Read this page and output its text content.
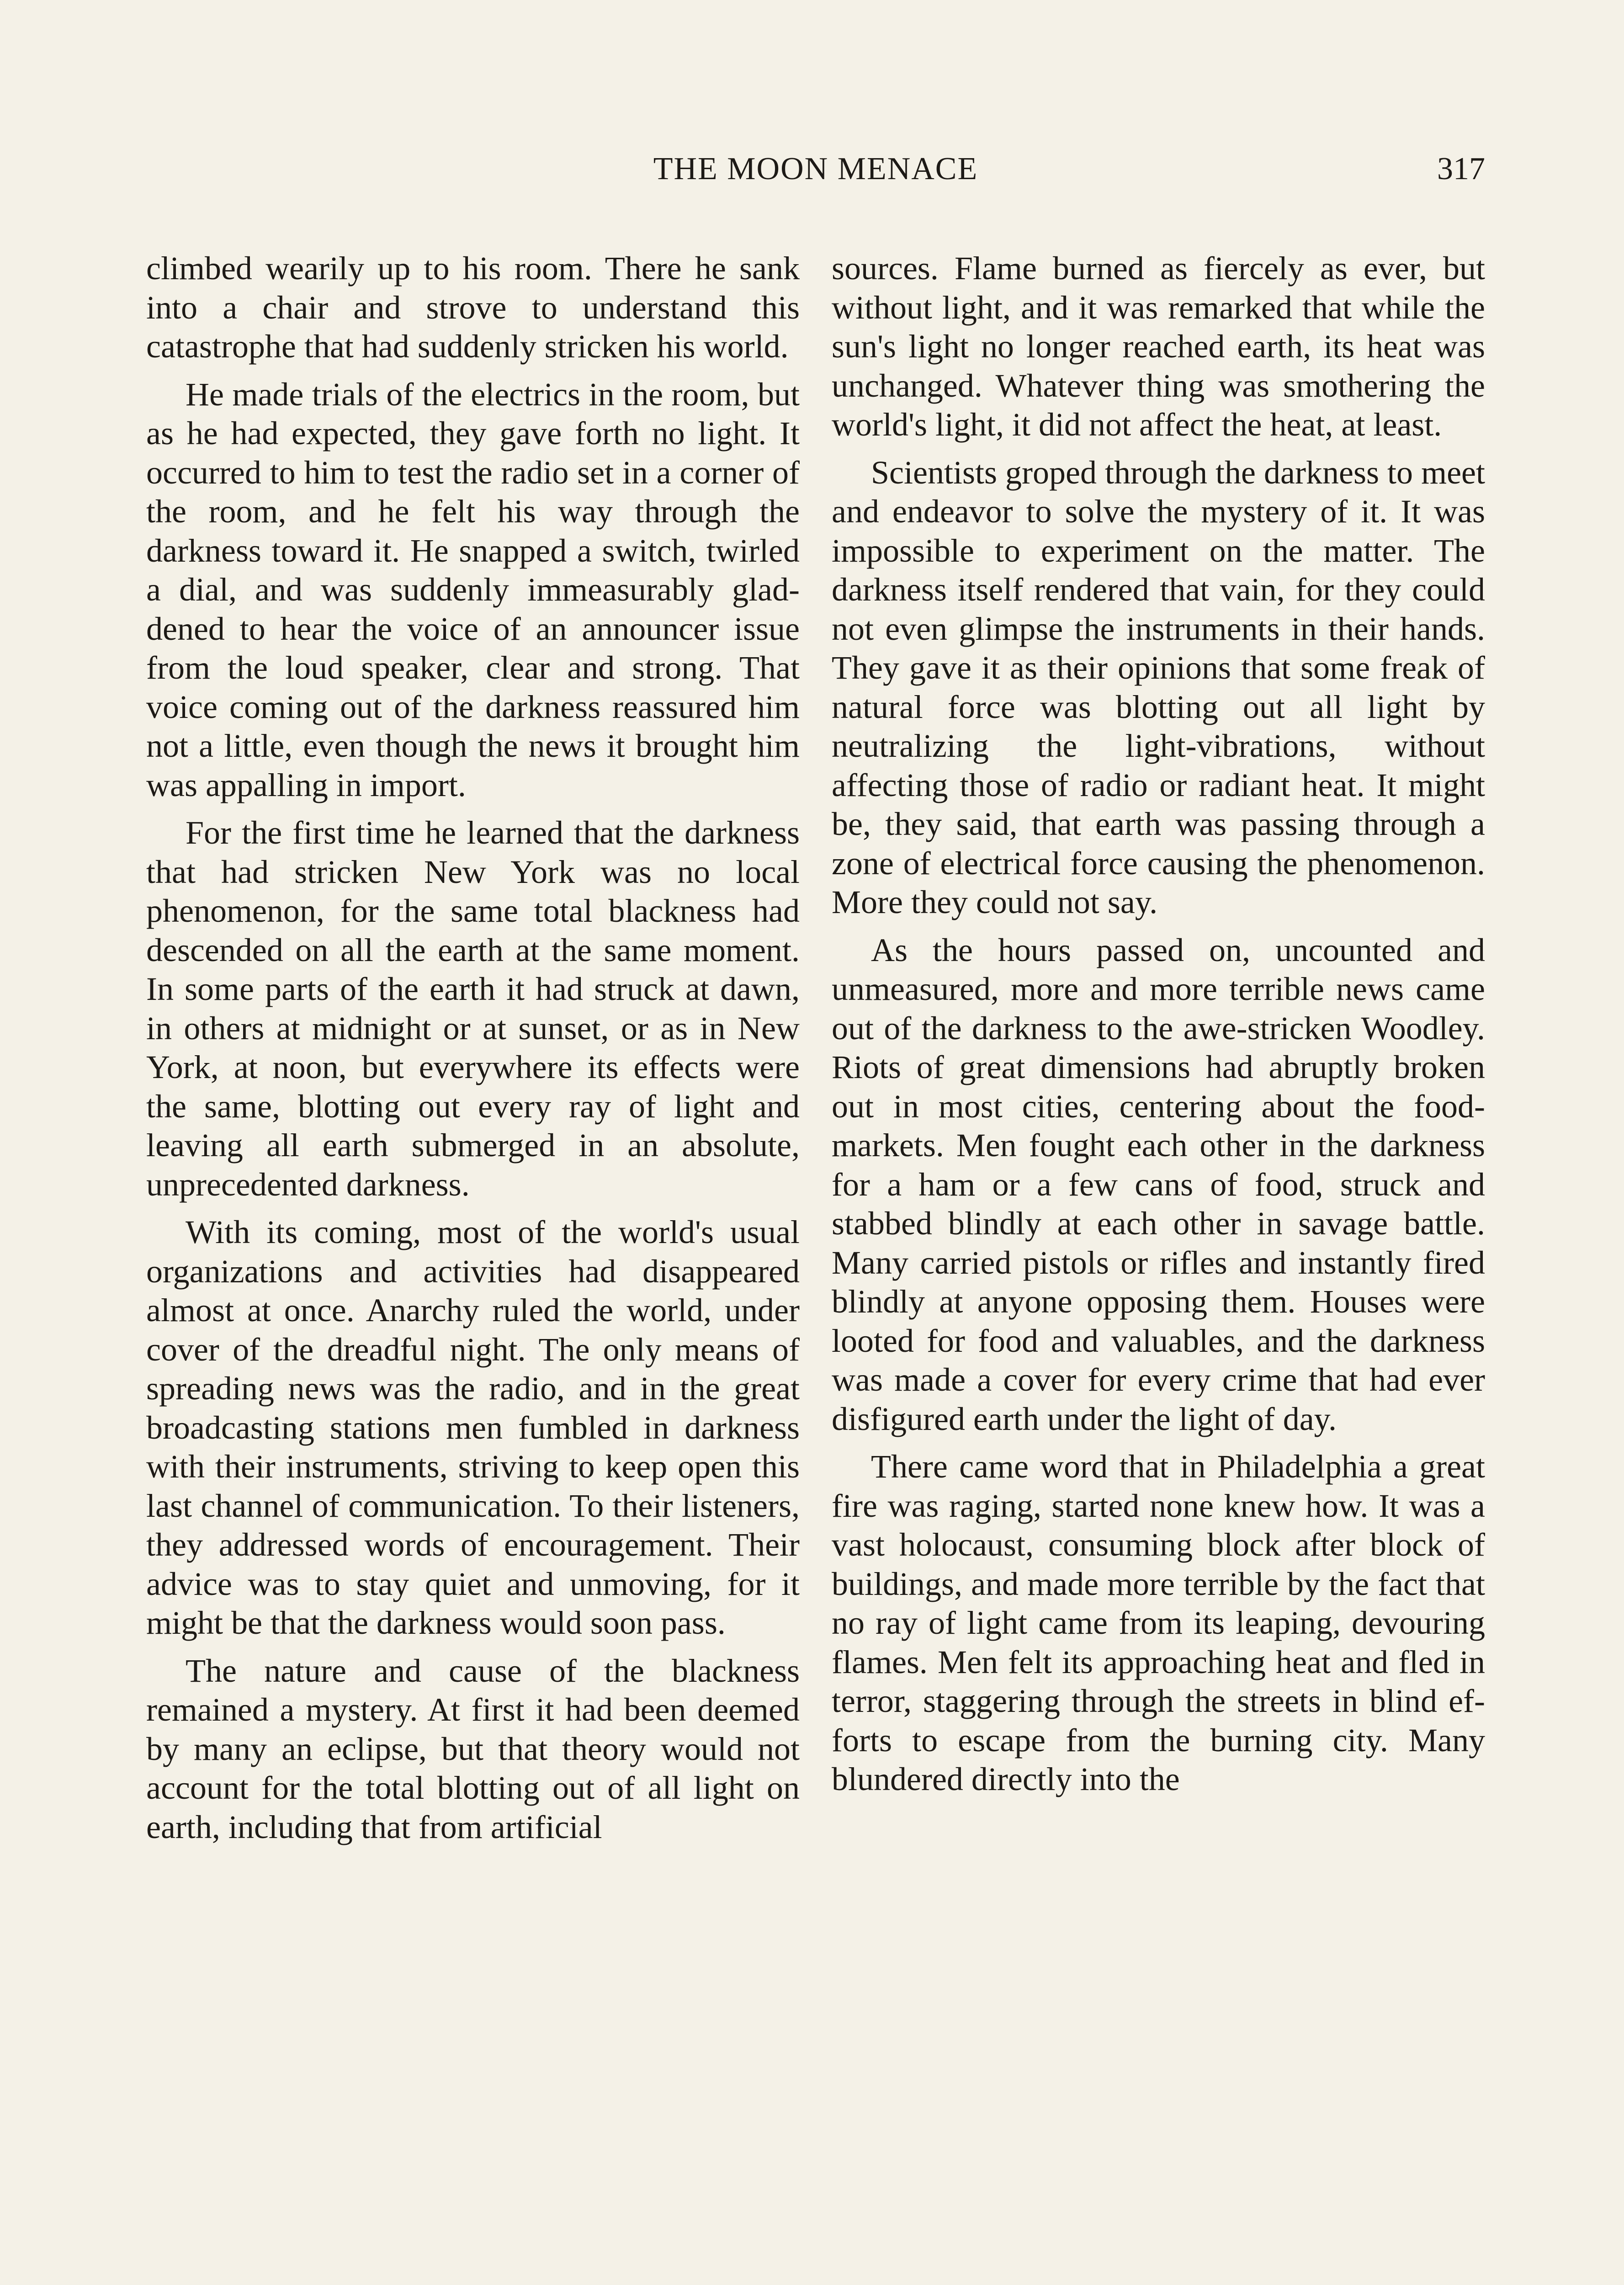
THE MOON MENACE	317

climbed wearily up to his room. There he sank into a chair and strove to understand this catastrophe that had suddenly stricken his world.

He made trials of the electrics in the room, but as he had expected, they gave forth no light. It occurred to him to test the radio set in a corner of the room, and he felt his way through the darkness toward it. He snapped a switch, twirled a dial, and was suddenly immeasurably gladdened to hear the voice of an announcer issue from the loud speaker, clear and strong. That voice coming out of the darkness reassured him not a little, even though the news it brought him was appalling in import.

For the first time he learned that the darkness that had stricken New York was no local phenomenon, for the same total blackness had descended on all the earth at the same moment. In some parts of the earth it had struck at dawn, in others at midnight or at sunset, or as in New York, at noon, but everywhere its effects were the same, blotting out every ray of light and leaving all earth submerged in an absolute, unprecedented darkness.

With its coming, most of the world's usual organizations and activities had disappeared almost at once. Anarchy ruled the world, under cover of the dreadful night. The only means of spreading news was the radio, and in the great broadcasting stations men fumbled in darkness with their instruments, striving to keep open this last channel of communication. To their listeners, they addressed words of encouragement. Their advice was to stay quiet and unmoving, for it might be that the darkness would soon pass.

The nature and cause of the blackness remained a mystery. At first it had been deemed by many an eclipse, but that theory would not account for the total blotting out of all light on earth, including that from artificial

sources. Flame burned as fiercely as ever, but without light, and it was remarked that while the sun's light no longer reached earth, its heat was unchanged. Whatever thing was smothering the world's light, it did not affect the heat, at least.

Scientists groped through the darkness to meet and endeavor to solve the mystery of it. It was impossible to experiment on the matter. The darkness itself rendered that vain, for they could not even glimpse the instruments in their hands. They gave it as their opinions that some freak of natural force was blotting out all light by neutralizing the light-vibrations, without affecting those of radio or radiant heat. It might be, they said, that earth was passing through a zone of electrical force causing the phenomenon. More they could not say.

As the hours passed on, uncounted and unmeasured, more and more terrible news came out of the darkness to the awe-stricken Woodley. Riots of great dimensions had abruptly broken out in most cities, centering about the food-markets. Men fought each other in the darkness for a ham or a few cans of food, struck and stabbed blindly at each other in savage battle. Many carried pistols or rifles and instantly fired blindly at anyone opposing them. Houses were looted for food and valuables, and the darkness was made a cover for every crime that had ever disfigured earth under the light of day.

There came word that in Philadelphia a great fire was raging, started none knew how. It was a vast holocaust, consuming block after block of buildings, and made more terrible by the fact that no ray of light came from its leaping, devouring flames. Men felt its approaching heat and fled in terror, staggering through the streets in blind efforts to escape from the burning city. Many blundered directly into the
